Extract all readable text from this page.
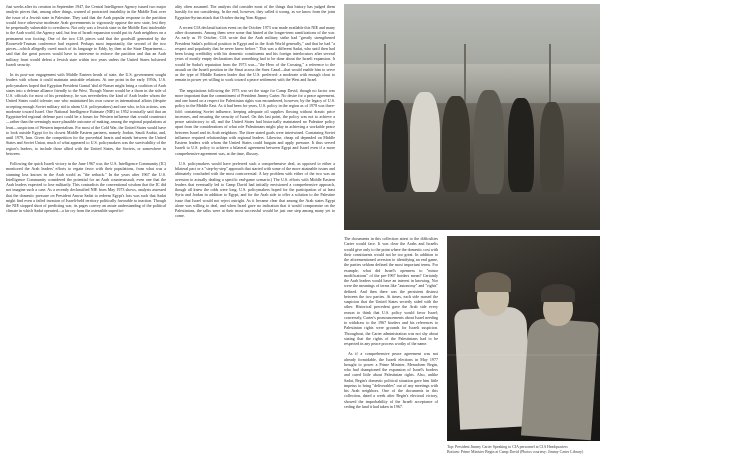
Just weeks after its creation in September 1947, the Central Intelligence Agency issued two major analytic pieces that, among other things, warned of protracted instability in the Middle East over the issue of a Jewish state in Palestine. They said that the Arab popular response to the partition would force otherwise moderate Arab governments to vigorously oppose the new state, lest they be perpetually vulnerable to overthrow. Not only was a Jewish state in the Middle East intolerable to the Arab world, the Agency said, but fear of Israeli expansion would put its Arab neighbors on a permanent war footing. One of the two CIA pieces said that the goodwill generated by the Roosevelt-Truman conference had expired. Perhaps most importantly, the second of the two pieces—which allegedly owed much of its language to Eddy, by then at the State Department—said that the great powers would have to intervene to enforce the partition and that an Arab military front would defeat a Jewish state within two years unless the United States bolstered Israeli security.

In its post-war engagement with Middle Eastern heads of state, the U.S. government sought leaders with whom it could maintain amicable relations. At one point in the early 1950s, U.S. policymakers hoped that Egyptian President Gamal 'abd al-Nasser might bring a coalition of Arab states into a defense alliance friendly to the West. Though Nasser would be a thorn in the side of U.S. officials for most of his presidency, he was nevertheless the kind of Arab leader whom the United States could tolerate; one who maintained his own course in international affairs (despite accepting enough Soviet military aid to alarm U.S. policymakers) and one who, in his actions, was moderate toward Israel. One National Intelligence Estimate (NIE) in 1952 ironically said that an Egyptian-led regional defense pact could be a forum for Western influence that would counteract—rather than the seemingly more plausible outcome of making, among the regional populations at least—suspicions of Western imperialism. For most of the Cold War, the United States would have to look outside Egypt for its closest Middle Eastern partners, namely Jordan, Saudi Arabia, and, until 1979, Iran. Given the competition for the proverbial hearts and minds between the United States and Soviet Union, much of what appeared to U.S. policymakers was the survivability of the region's leaders, to include those allied with the United States, the Soviets, or somewhere in between.

Following the quick Israeli victory in the June 1967 war, the U.S. Intelligence Community (IC) monitored the Arab leaders' efforts to regain favor with their populations, from what was a stunning loss known in the Arab world as "the setback." In the years after 1967 the U.S. Intelligence Community considered the potential for an Arab counterassault, even one that the Arab leaders expected to lose militarily. This contradicts the conventional wisdom that the IC did not imagine such a case. As a recently declassified NIE from May 1973 shows, analysts assessed that the domestic pressure on President Anwar Sadat to redeem Egypt's loss was such that Sadat might find even a failed invasion of Israeli-held territory politically favorable to inaction. Though the NIE stopped short of predicting war, its pages convey an astute understanding of the political climate in which Sadat operated—a far cry from the ostensible superfici-

ality often assumed. The analysts did consider most of the things that history has judged them harshly for not considering. In the end, however, they called it wrong, as we know from the joint Egyptian-Syrian attack that October during Yom Kippur.

A recent CIA declassification event on the October 1973 war made available this NIE and many other documents. Among them were some that hinted at the longer-term ramifications of the war. As early as 19 October, CIA wrote that the Arab military strike had "greatly strengthened President Sadat's political position in Egypt and in the Arab World generally," and that he had "a respect and popularity that he never knew before." This was a different Sadat, who until then had been losing credibility with his domestic constituents and his foreign interlocutors after several years of mostly empty declarations that something had to be done about the Israeli expansion. It would be Sadat's reputation from the 1973 war—"the Hero of the Crossing," a reference to the assault on the Israeli position in the Sinai across the Suez Canal—that would enable him to serve as the type of Middle Eastern leader that the U.S. preferred: a moderate with enough clout to remain in power yet willing to work toward a peace settlement with the West and Israel.

The negotiations following the 1973 war set the stage for Camp David, though no factor was more important than the commitment of President Jimmy Carter. No desire for a peace agreement, and one based on a respect for Palestinian rights was encumbered, however, by the legacy of U.S. policy in the Middle East. As it had been for years, U.S. policy in the region as of 1978 was three-fold: containing Soviet influence, keeping adequate oil supplies flowing without drastic price increases, and ensuring the security of Israel. On this last point, the policy was not to achieve a peace satisfactory to all, and the United States had historically maintained no Palestine policy apart from the considerations of what role Palestinians might play in achieving a workable peace between Israel and its Arab neighbors. The three stated goals were intertwined. Containing Soviet influence required relationships with regional leaders. Likewise, cheap oil depended on Middle Eastern leaders with whom the United States could bargain and apply pressure. It thus served Israeli to U.S. policy to achieve a bilateral agreement between Egypt and Israel even if a more comprehensive agreement was, at the time, illusory.

U.S. policymakers would have preferred such a comprehensive deal, as opposed to either a bilateral pact or a "step-by-step" approach that started with some of the more attainable issues and ultimately concluded with the most controversial. A key problem with either of the two was an aversion to actually dealing a specific end-game scenario.) The U.S. efforts with Middle Eastern leaders that eventually led to Camp David had initially envisioned a comprehensive approach, though all knew the odds were long. U.S. policymakers hoped for the participation of at least Syria and Jordan in addition to Egypt, and for the Arab side to offer a solution to the Palestine issue that Israel would not reject outright. As it became clear that among the Arab states Egypt alone was willing to deal, and when Israel gave no indication that it would compromise on the Palestinians, the talks were at their most successful would be just one step among many yet to come.

The documents in this collection attest to the difficulties Carter would face. It was clear the Arabs and Israelis would give only to the point where the domestic cost with their constituents would not be too great. In addition to the aforementioned aversion to identifying an end game, the parties seldom defined the most important terms. For example, what did Israel's openness to "minor modifications" of the pre-1967 borders mean? Certainly the Arab leaders would have an interest in knowing. Nor were the meanings of terms like "autonomy" and "rights" defined. And then there was the persistent distrust between the two parties. At times, each side nursed the suspicion that the United States secretly sided with the other. Historical precedent gave the Arab side every reason to think that U.S. policy would favor Israel; conversely, Carter's pronouncements about Israel needing to withdraw to the 1967 borders and his references to Palestinian rights were grounds for Israeli suspicion. Throughout, the Carter administration was not shy about stating that the rights of the Palestinians had to be respected in any peace process worthy of the name.

As if a comprehensive peace agreement was not already formidable, the Israeli elections in May 1977 brought to power a Prime Minister, Menachem Begin, who had championed the expansion of Israel's borders and cared little about Palestinian rights. Also, unlike Sadat, Begin's domestic political situation gave him little impetus to bring "deliverables" out of any meetings with his Arab neighbors. One of the documents in this collection, dated a week after Begin's electoral victory, showed the improbability of the Israeli acceptance of ceding the land it had taken in 1967.

Top: President Jimmy Carter Speaking to CIA personnel at CIA Headquarters
Bottom: Prime Minister Begin at Camp David (Photos courtesy: Jimmy Carter Library)
